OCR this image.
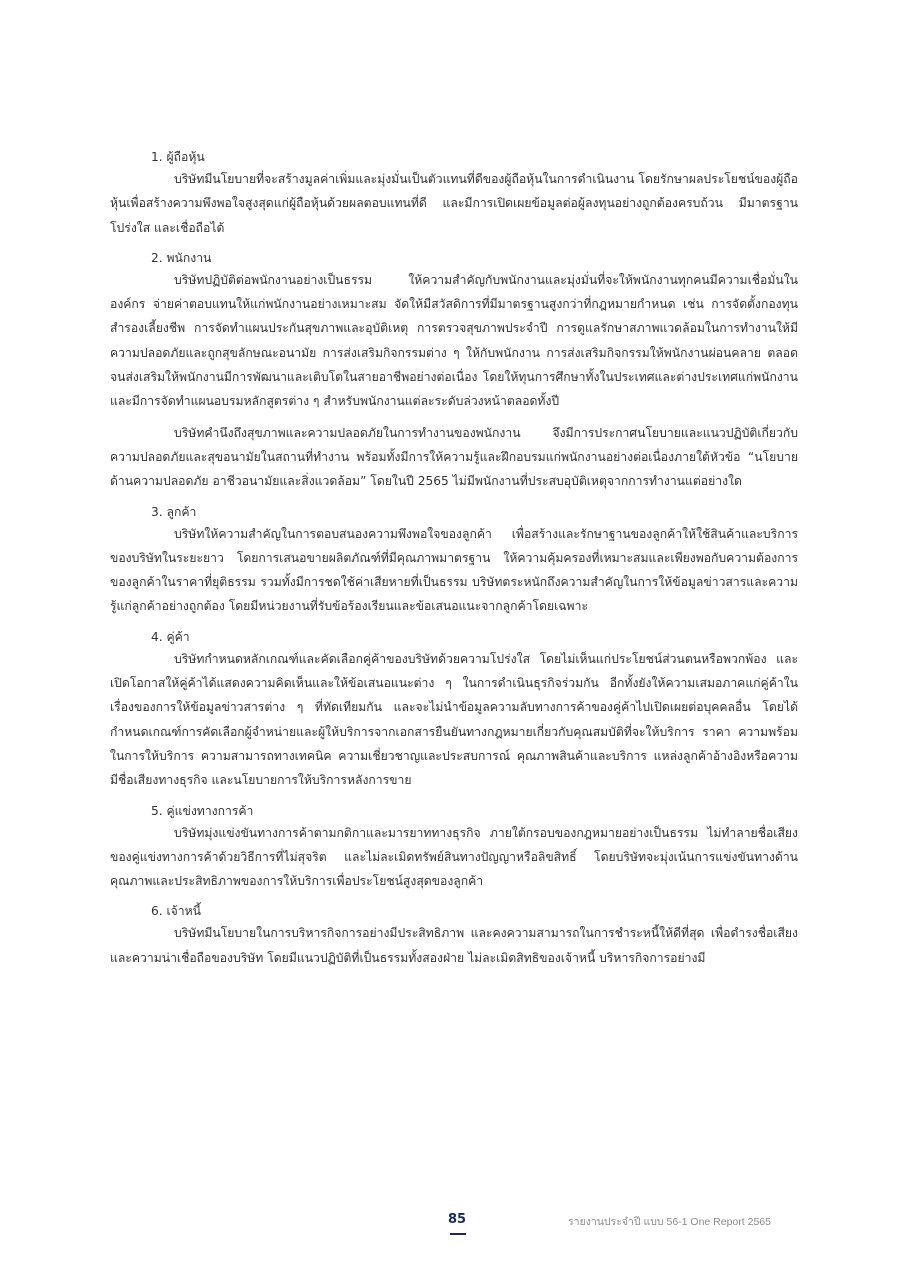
1. ผู้ถือหุ้น

บริษัทมีนโยบายที่จะสร้างมูลค่าเพิ่มและมุ่งมั่นเป็นตัวแทนที่ดีของผู้ถือหุ้นในการดำเนินงาน โดยรักษาผลประโยชน์ของผู้ถือหุ้นเพื่อสร้างความพึงพอใจสูงสุดแก่ผู้ถือหุ้นด้วยผลตอบแทนที่ดี และมีการเปิดเผยข้อมูลต่อผู้ลงทุนอย่างถูกต้องครบถ้วน มีมาตรฐาน โปร่งใส และเชื่อถือได้

2. พนักงาน

บริษัทปฏิบัติต่อพนักงานอย่างเป็นธรรม ให้ความสำคัญกับพนักงานและมุ่งมั่นที่จะให้พนักงานทุกคนมีความเชื่อมั่นในองค์กร จ่ายค่าตอบแทนให้แก่พนักงานอย่างเหมาะสม จัดให้มีสวัสดิการที่มีมาตรฐานสูงกว่าที่กฎหมายกำหนด เช่น การจัดตั้งกองทุนสำรองเลี้ยงชีพ การจัดทำแผนประกันสุขภาพและอุบัติเหตุ การตรวจสุขภาพประจำปี การดูแลรักษาสภาพแวดล้อมในการทำงานให้มีความปลอดภัยและถูกสุขลักษณะอนามัย การส่งเสริมกิจกรรมต่าง ๆ ให้กับพนักงาน การส่งเสริมกิจกรรมให้พนักงานผ่อนคลาย ตลอดจนส่งเสริมให้พนักงานมีการพัฒนาและเติบโตในสายอาชีพอย่างต่อเนื่อง โดยให้ทุนการศึกษาทั้งในประเทศและต่างประเทศแก่พนักงาน และมีการจัดทำแผนอบรมหลักสูตรต่าง ๆ สำหรับพนักงานแต่ละระดับล่วงหน้าตลอดทั้งปี

บริษัทคำนึงถึงสุขภาพและความปลอดภัยในการทำงานของพนักงาน จึงมีการประกาศนโยบายและแนวปฏิบัติเกี่ยวกับความปลอดภัยและสุขอนามัยในสถานที่ทำงาน พร้อมทั้งมีการให้ความรู้และฝึกอบรมแก่พนักงานอย่างต่อเนื่องภายใต้หัวข้อ “นโยบายด้านความปลอดภัย อาชีวอนามัยและสิ่งแวดล้อม” โดยในปี 2565 ไม่มีพนักงานที่ประสบอุบัติเหตุจากการทำงานแต่อย่างใด

3. ลูกค้า

บริษัทให้ความสำคัญในการตอบสนองความพึงพอใจของลูกค้า เพื่อสร้างและรักษาฐานของลูกค้าให้ใช้สินค้าและบริการของบริษัทในระยะยาว โดยการเสนอขายผลิตภัณฑ์ที่มีคุณภาพมาตรฐาน ให้ความคุ้มครองที่เหมาะสมและเพียงพอกับความต้องการของลูกค้าในราคาที่ยุติธรรม รวมทั้งมีการชดใช้ค่าเสียหายที่เป็นธรรม บริษัทตระหนักถึงความสำคัญในการให้ข้อมูลข่าวสารและความรู้แก่ลูกค้าอย่างถูกต้อง โดยมีหน่วยงานที่รับข้อร้องเรียนและข้อเสนอแนะจากลูกค้าโดยเฉพาะ

4. คู่ค้า

บริษัทกำหนดหลักเกณฑ์และคัดเลือกคู่ค้าของบริษัทด้วยความโปร่งใส โดยไม่เห็นแก่ประโยชน์ส่วนตนหรือพวกพ้อง และเปิดโอกาสให้คู่ค้าได้แสดงความคิดเห็นและให้ข้อเสนอแนะต่าง ๆ ในการดำเนินธุรกิจร่วมกัน อีกทั้งยังให้ความเสมอภาคแก่คู่ค้าในเรื่องของการให้ข้อมูลข่าวสารต่าง ๆ ที่ทัดเทียมกัน และจะไม่นำข้อมูลความลับทางการค้าของคู่ค้าไปเปิดเผยต่อบุคคลอื่น โดยได้กำหนดเกณฑ์การคัดเลือกผู้จำหน่ายและผู้ให้บริการจากเอกสารยืนยันทางกฎหมายเกี่ยวกับคุณสมบัติที่จะให้บริการ ราคา ความพร้อมในการให้บริการ ความสามารถทางเทคนิค ความเชี่ยวชาญและประสบการณ์ คุณภาพสินค้าและบริการ แหล่งลูกค้าอ้างอิงหรือความมีชื่อเสียงทางธุรกิจ และนโยบายการให้บริการหลังการขาย

5. คู่แข่งทางการค้า

บริษัทมุ่งแข่งขันทางการค้าตามกติกาและมารยาททางธุรกิจ ภายใต้กรอบของกฎหมายอย่างเป็นธรรม ไม่ทำลายชื่อเสียงของคู่แข่งทางการค้าด้วยวิธีการที่ไม่สุจริต และไม่ละเมิดทรัพย์สินทางปัญญาหรือลิขสิทธิ์ โดยบริษัทจะมุ่งเน้นการแข่งขันทางด้านคุณภาพและประสิทธิภาพของการให้บริการเพื่อประโยชน์สูงสุดของลูกค้า

6. เจ้าหนี้

บริษัทมีนโยบายในการบริหารกิจการอย่างมีประสิทธิภาพ และคงความสามารถในการชำระหนี้ให้ดีที่สุด เพื่อดำรงชื่อเสียงและความน่าเชื่อถือของบริษัท โดยมีแนวปฏิบัติที่เป็นธรรมทั้งสองฝ่าย ไม่ละเมิดสิทธิของเจ้าหนี้ บริหารกิจการอย่างมี

85	รายงานประจำปี แบบ 56-1 One Report 2565
